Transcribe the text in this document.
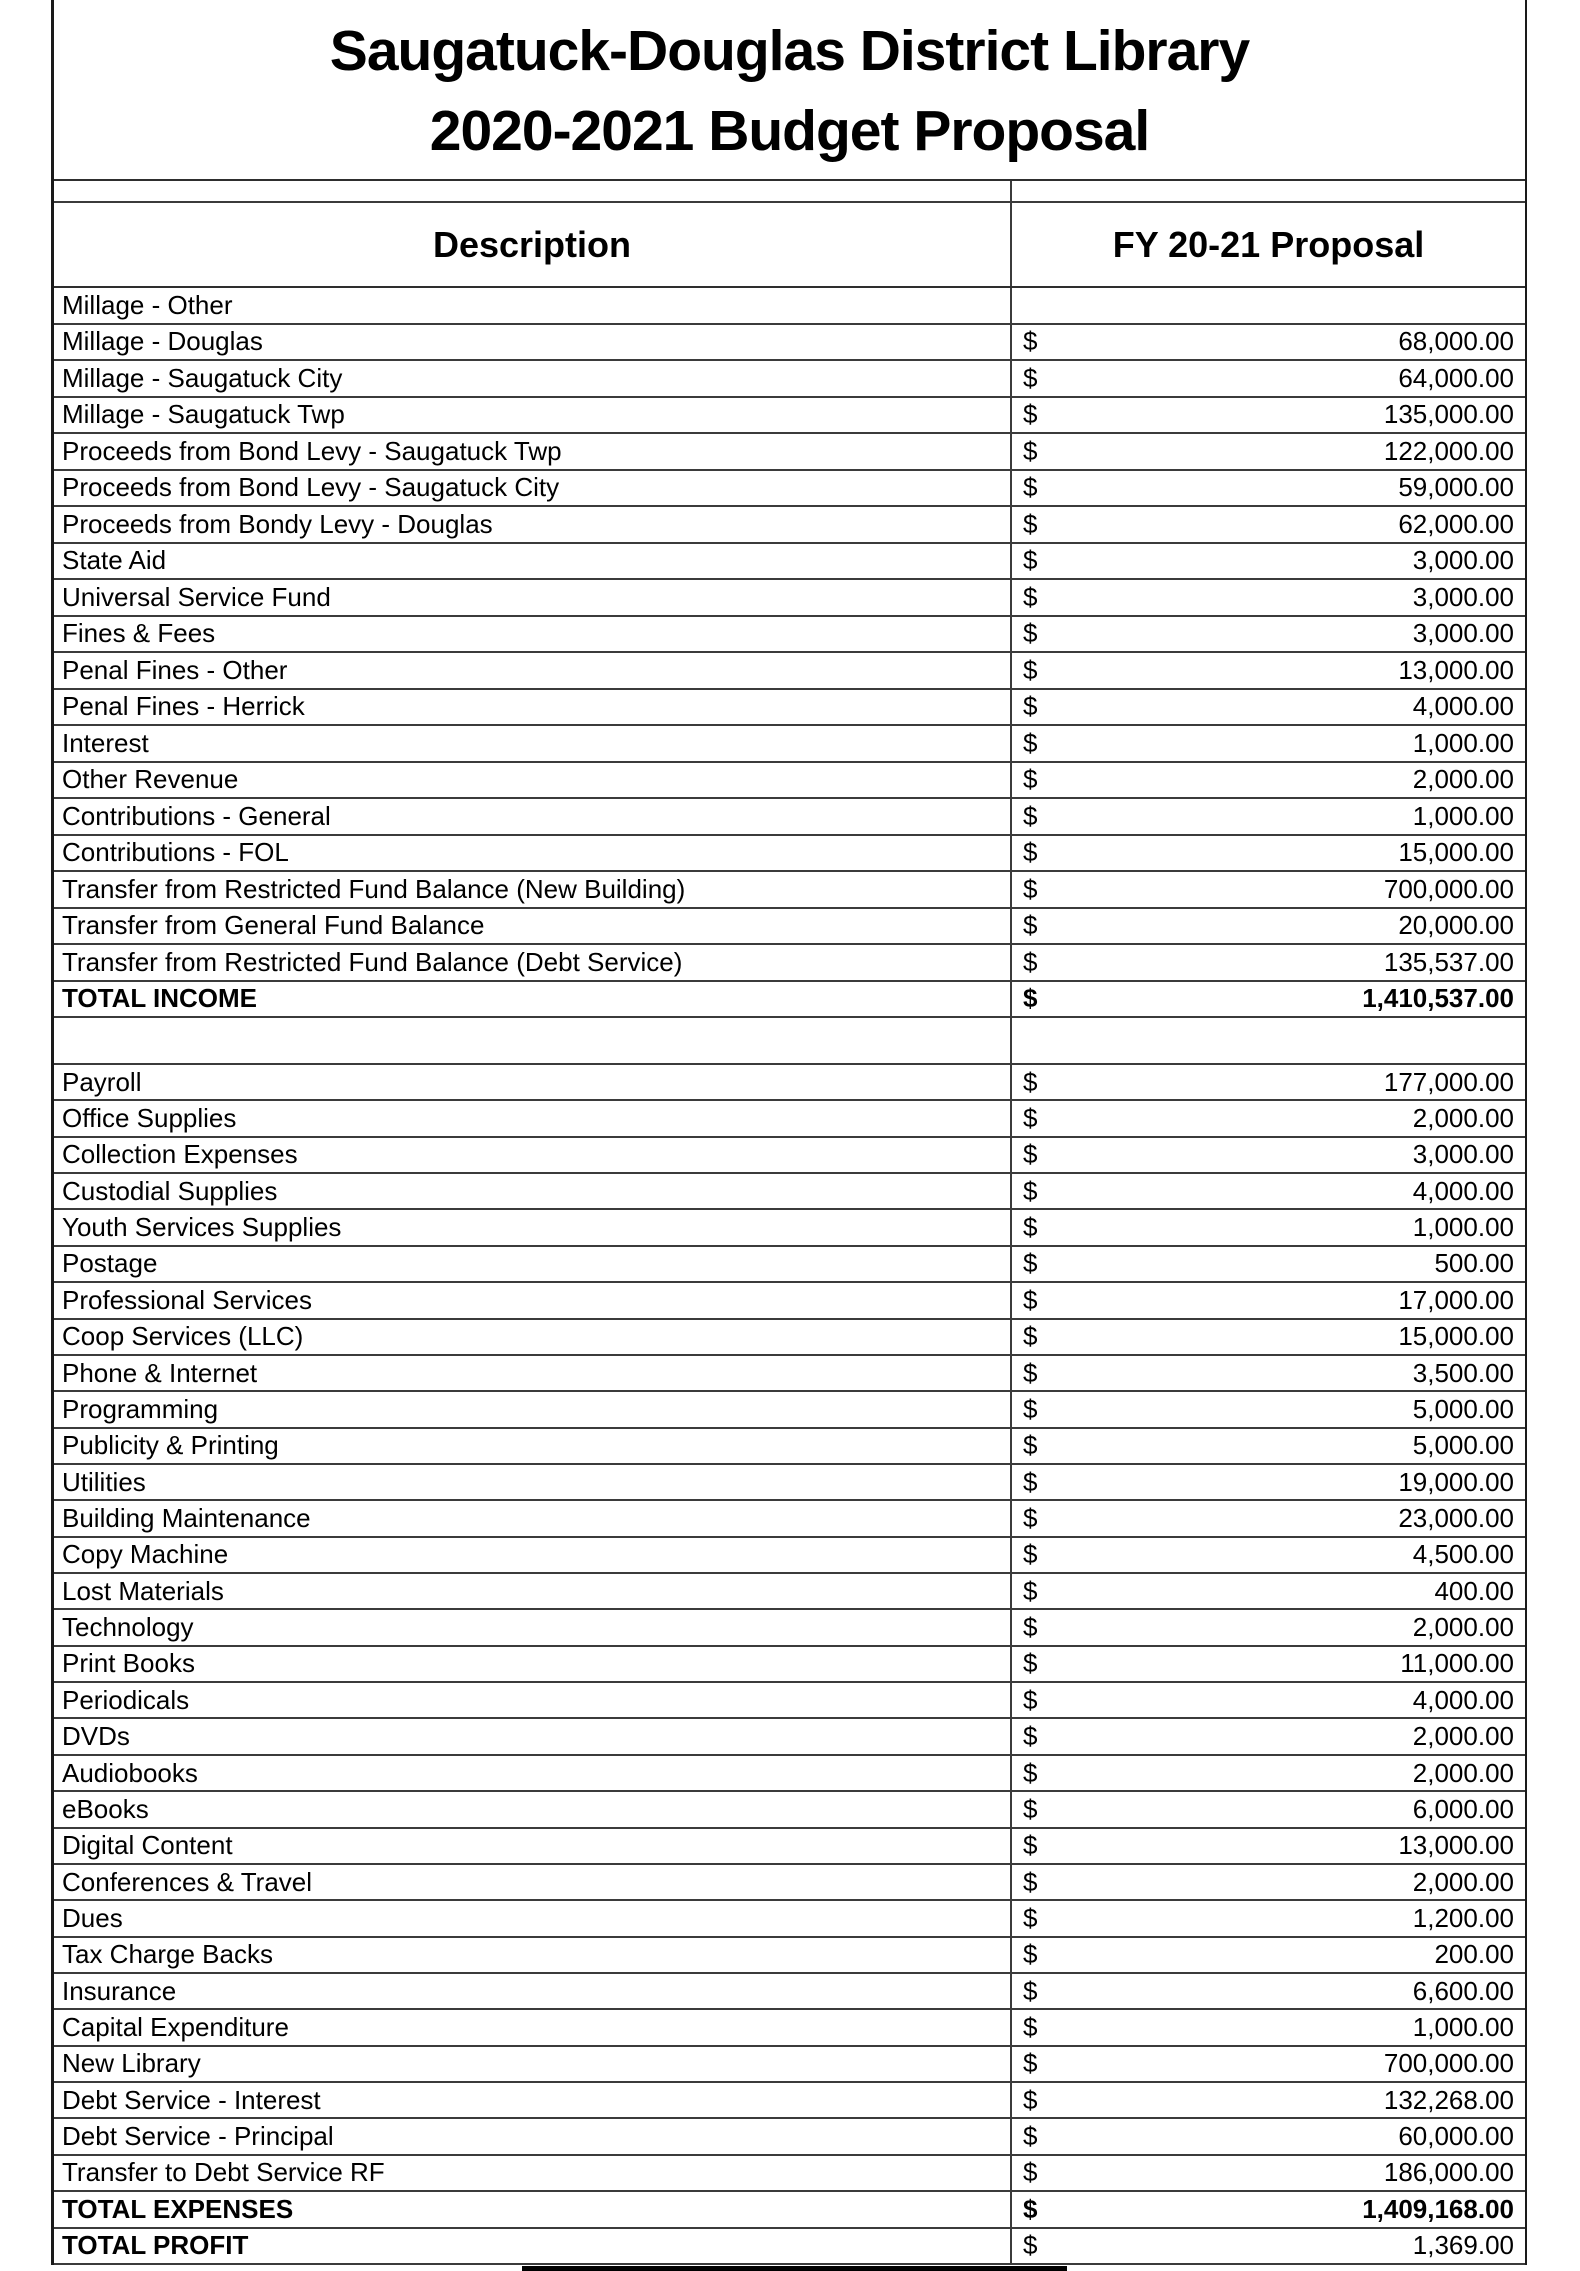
Saugatuck-Douglas District Library
2020-2021 Budget Proposal
Description	FY 20-21 Proposal
Millage - Other
Millage - Douglas	$	68,000.00
Millage - Saugatuck City	$	64,000.00
Millage - Saugatuck Twp	$	135,000.00
Proceeds from Bond Levy - Saugatuck Twp	$	122,000.00
Proceeds from Bond Levy - Saugatuck City	$	59,000.00
Proceeds from Bondy Levy - Douglas	$	62,000.00
State Aid	$	3,000.00
Universal Service Fund	$	3,000.00
Fines & Fees	$	3,000.00
Penal Fines - Other	$	13,000.00
Penal Fines - Herrick	$	4,000.00
Interest	$	1,000.00
Other Revenue	$	2,000.00
Contributions - General	$	1,000.00
Contributions - FOL	$	15,000.00
Transfer from Restricted Fund Balance (New Building)	$	700,000.00
Transfer from General Fund Balance	$	20,000.00
Transfer from Restricted Fund Balance (Debt Service)	$	135,537.00
TOTAL INCOME	$	1,410,537.00
Payroll	$	177,000.00
Office Supplies	$	2,000.00
Collection Expenses	$	3,000.00
Custodial Supplies	$	4,000.00
Youth Services Supplies	$	1,000.00
Postage	$	500.00
Professional Services	$	17,000.00
Coop Services (LLC)	$	15,000.00
Phone & Internet	$	3,500.00
Programming	$	5,000.00
Publicity & Printing	$	5,000.00
Utilities	$	19,000.00
Building Maintenance	$	23,000.00
Copy Machine	$	4,500.00
Lost Materials	$	400.00
Technology	$	2,000.00
Print Books	$	11,000.00
Periodicals	$	4,000.00
DVDs	$	2,000.00
Audiobooks	$	2,000.00
eBooks	$	6,000.00
Digital Content	$	13,000.00
Conferences & Travel	$	2,000.00
Dues	$	1,200.00
Tax Charge Backs	$	200.00
Insurance	$	6,600.00
Capital Expenditure	$	1,000.00
New Library	$	700,000.00
Debt Service - Interest	$	132,268.00
Debt Service - Principal	$	60,000.00
Transfer to Debt Service RF	$	186,000.00
TOTAL EXPENSES	$	1,409,168.00
TOTAL PROFIT	$	1,369.00
